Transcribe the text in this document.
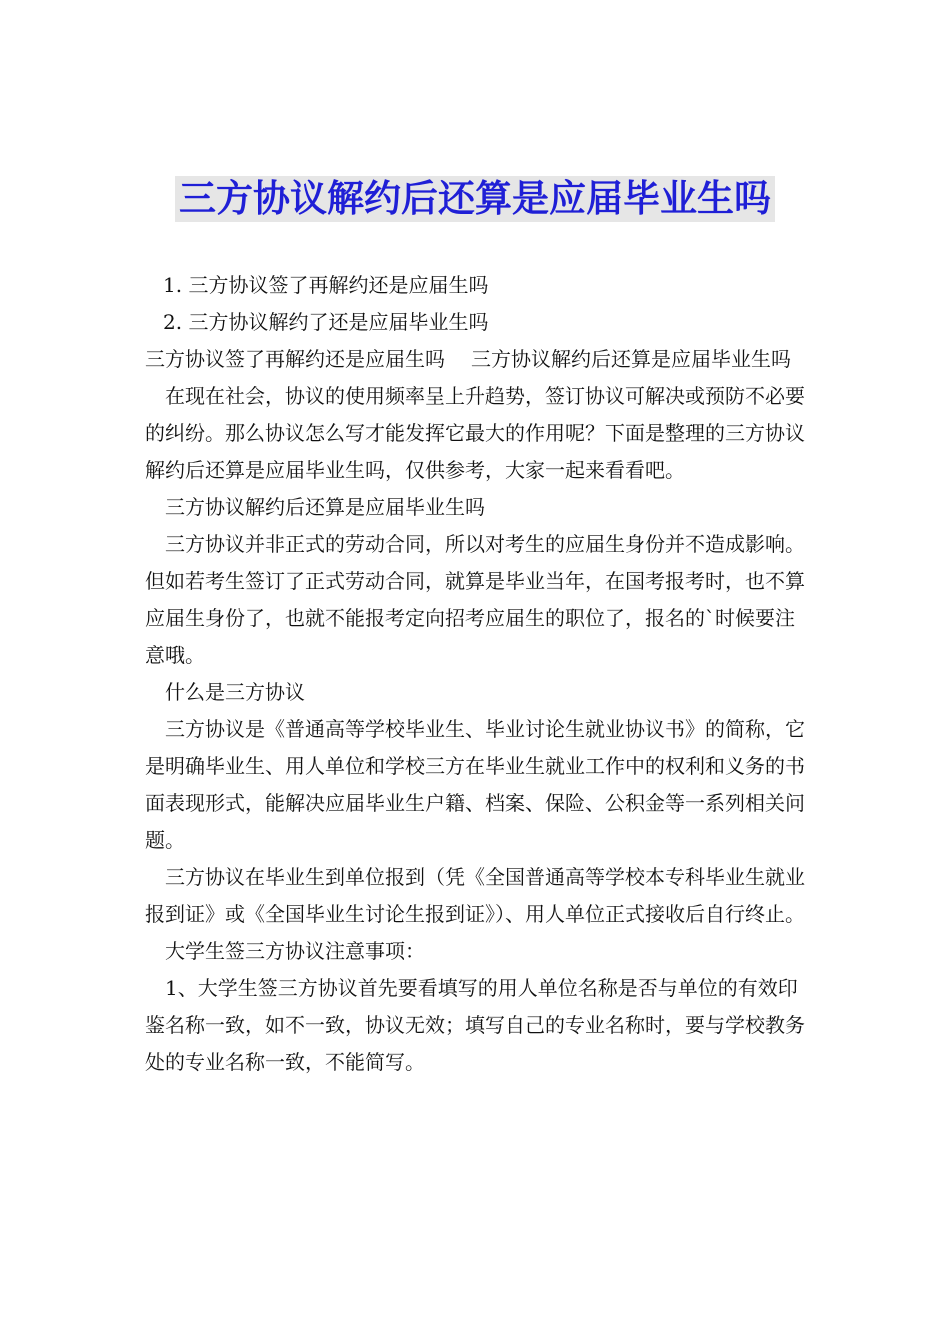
三方协议解约后还算是应届毕业生吗

1. 三方协议签了再解约还是应届生吗

2. 三方协议解约了还是应届毕业生吗

三方协议签了再解约还是应届生吗 三方协议解约后还算是应届毕业生吗

在现在社会，协议的使用频率呈上升趋势，签订协议可解决或预防不必要的纠纷。那么协议怎么写才能发挥它最大的作用呢？下面是整理的三方协议解约后还算是应届毕业生吗，仅供参考，大家一起来看看吧。

三方协议解约后还算是应届毕业生吗

三方协议并非正式的劳动合同，所以对考生的应届生身份并不造成影响。但如若考生签订了正式劳动合同，就算是毕业当年，在国考报考时，也不算应届生身份了，也就不能报考定向招考应届生的职位了，报名的`时候要注意哦。

什么是三方协议

三方协议是《普通高等学校毕业生、毕业讨论生就业协议书》的简称，它是明确毕业生、用人单位和学校三方在毕业生就业工作中的权利和义务的书面表现形式，能解决应届毕业生户籍、档案、保险、公积金等一系列相关问题。

三方协议在毕业生到单位报到（凭《全国普通高等学校本专科毕业生就业报到证》或《全国毕业生讨论生报到证》）、用人单位正式接收后自行终止。

大学生签三方协议注意事项：

1、大学生签三方协议首先要看填写的用人单位名称是否与单位的有效印鉴名称一致，如不一致，协议无效；填写自己的专业名称时，要与学校教务处的专业名称一致，不能简写。
